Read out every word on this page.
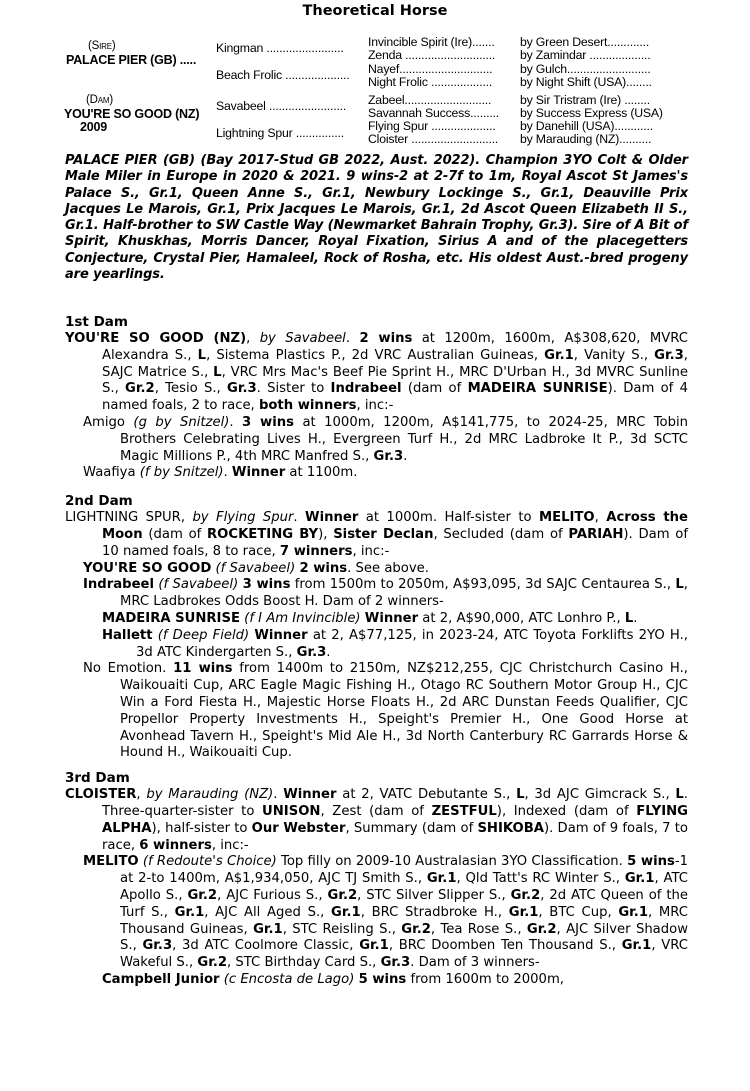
Theoretical Horse
(Sire)
PALACE PIER (GB) .....
(Dam)
YOU'RE SO GOOD (NZ)
2009
Kingman ........................
Beach Frolic ....................
Savabeel ........................
Lightning Spur ...............
Invincible Spirit (Ire).......
Zenda ............................
Nayef.............................
Night Frolic ...................
Zabeel...........................
Savannah Success.........
Flying Spur ....................
Cloister ...........................
by Green Desert.............
by Zamindar ...................
by Gulch..........................
by Night Shift (USA)........
by Sir Tristram (Ire) ........
by Success Express (USA)
by Danehill (USA)............
by Marauding (NZ)..........
PALACE PIER (GB) (Bay 2017-Stud GB 2022, Aust. 2022). Champion 3YO Colt & Older Male Miler in Europe in 2020 & 2021. 9 wins-2 at 2-7f to 1m, Royal Ascot St James's Palace S., Gr.1, Queen Anne S., Gr.1, Newbury Lockinge S., Gr.1, Deauville Prix Jacques Le Marois, Gr.1, Prix Jacques Le Marois, Gr.1, 2d Ascot Queen Elizabeth II S., Gr.1. Half-brother to SW Castle Way (Newmarket Bahrain Trophy, Gr.3). Sire of A Bit of Spirit, Khuskhas, Morris Dancer, Royal Fixation, Sirius A and of the placegetters Conjecture, Crystal Pier, Hamaleel, Rock of Rosha, etc. His oldest Aust.-bred progeny are yearlings.
1st Dam
YOU'RE SO GOOD (NZ), by Savabeel. 2 wins at 1200m, 1600m, A$308,620, MVRC Alexandra S., L, Sistema Plastics P., 2d VRC Australian Guineas, Gr.1, Vanity S., Gr.3, SAJC Matrice S., L, VRC Mrs Mac's Beef Pie Sprint H., MRC D'Urban H., 3d MVRC Sunline S., Gr.2, Tesio S., Gr.3. Sister to Indrabeel (dam of MADEIRA SUNRISE). Dam of 4 named foals, 2 to race, both winners, inc:-
Amigo (g by Snitzel). 3 wins at 1000m, 1200m, A$141,775, to 2024-25, MRC Tobin Brothers Celebrating Lives H., Evergreen Turf H., 2d MRC Ladbroke It P., 3d SCTC Magic Millions P., 4th MRC Manfred S., Gr.3.
Waafiya (f by Snitzel). Winner at 1100m.
2nd Dam
LIGHTNING SPUR, by Flying Spur. Winner at 1000m. Half-sister to MELITO, Across the Moon (dam of ROCKETING BY), Sister Declan, Secluded (dam of PARIAH). Dam of 10 named foals, 8 to race, 7 winners, inc:-
YOU'RE SO GOOD (f Savabeel) 2 wins. See above.
Indrabeel (f Savabeel) 3 wins from 1500m to 2050m, A$93,095, 3d SAJC Centaurea S., L, MRC Ladbrokes Odds Boost H. Dam of 2 winners-
MADEIRA SUNRISE (f I Am Invincible) Winner at 2, A$90,000, ATC Lonhro P., L.
Hallett (f Deep Field) Winner at 2, A$77,125, in 2023-24, ATC Toyota Forklifts 2YO H., 3d ATC Kindergarten S., Gr.3.
No Emotion. 11 wins from 1400m to 2150m, NZ$212,255, CJC Christchurch Casino H., Waikouaiti Cup, ARC Eagle Magic Fishing H., Otago RC Southern Motor Group H., CJC Win a Ford Fiesta H., Majestic Horse Floats H., 2d ARC Dunstan Feeds Qualifier, CJC Propellor Property Investments H., Speight's Premier H., One Good Horse at Avonhead Tavern H., Speight's Mid Ale H., 3d North Canterbury RC Garrards Horse & Hound H., Waikouaiti Cup.
3rd Dam
CLOISTER, by Marauding (NZ). Winner at 2, VATC Debutante S., L, 3d AJC Gimcrack S., L. Three-quarter-sister to UNISON, Zest (dam of ZESTFUL), Indexed (dam of FLYING ALPHA), half-sister to Our Webster, Summary (dam of SHIKOBA). Dam of 9 foals, 7 to race, 6 winners, inc:-
MELITO (f Redoute's Choice) Top filly on 2009-10 Australasian 3YO Classification. 5 wins-1 at 2-to 1400m, A$1,934,050, AJC TJ Smith S., Gr.1, Qld Tatt's RC Winter S., Gr.1, ATC Apollo S., Gr.2, AJC Furious S., Gr.2, STC Silver Slipper S., Gr.2, 2d ATC Queen of the Turf S., Gr.1, AJC All Aged S., Gr.1, BRC Stradbroke H., Gr.1, BTC Cup, Gr.1, MRC Thousand Guineas, Gr.1, STC Reisling S., Gr.2, Tea Rose S., Gr.2, AJC Silver Shadow S., Gr.3, 3d ATC Coolmore Classic, Gr.1, BRC Doomben Ten Thousand S., Gr.1, VRC Wakeful S., Gr.2, STC Birthday Card S., Gr.3. Dam of 3 winners-
Campbell Junior (c Encosta de Lago) 5 wins from 1600m to 2000m,
